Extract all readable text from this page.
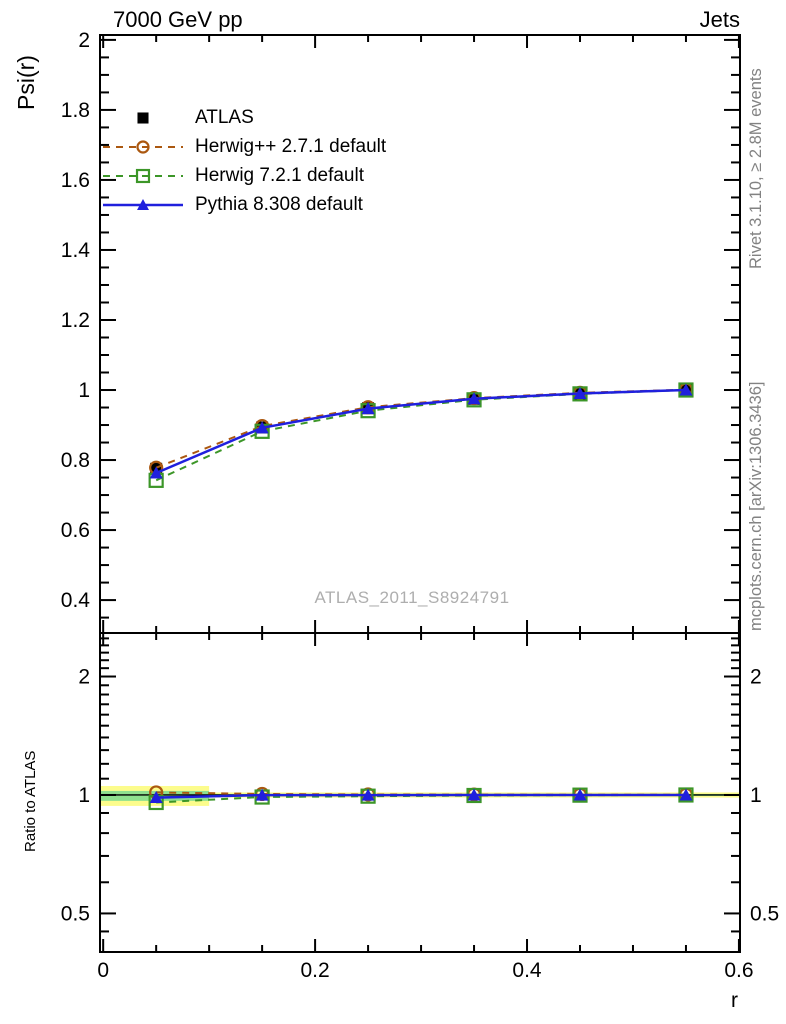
7000 GeV pp	Jets
Psi(r)
Ratio to ATLAS
Rivet 3.1.10, ≥ 2.8M events
mcplots.cern.ch [arXiv:1306.3436]
ATLAS_2011_S8924791
r
2
1.8
1.6
1.4
1.2
1
0.8
0.6
0.4
2	2
1	1
0.5	0.5
0	0.2	0.4	0.6
ATLAS
Herwig++ 2.7.1 default
Herwig 7.2.1 default
Pythia 8.308 default
